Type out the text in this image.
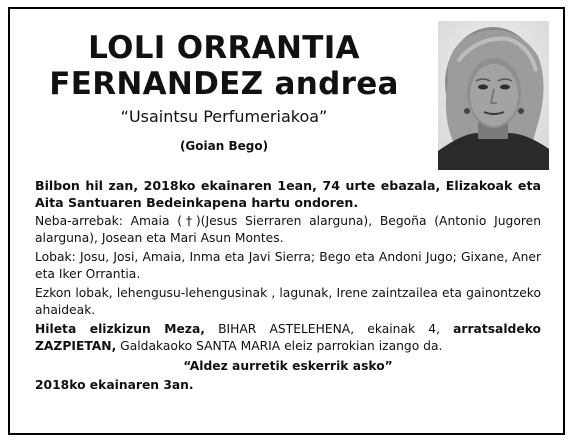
LOLI ORRANTIA
FERNANDEZ andrea
“Usaintsu Perfumeriakoa”
(Goian Bego)

Bilbon hil zan, 2018ko ekainaren 1ean, 74 urte ebazala, Elizakoak eta Aita Santuaren Bedeinkapena hartu ondoren.

Neba-arrebak: Amaia (†)(Jesus Sierraren alarguna), Begoña (Antonio Jugoren alarguna), Josean eta Mari Asun Montes.

Lobak: Josu, Josi, Amaia, Inma eta Javi Sierra; Bego eta Andoni Jugo; Gixane, Aner eta Iker Orrantia.

Ezkon lobak, lehengusu-lehengusinak , lagunak, Irene zaintzailea eta gainontzeko ahaideak.

Hileta elizkizun Meza, BIHAR ASTELEHENA, ekainak 4, arratsaldeko ZAZPIETAN, Galdakaoko SANTA MARIA eleiz parrokian izango da.

“Aldez aurretik eskerrik asko”

2018ko ekainaren 3an.
